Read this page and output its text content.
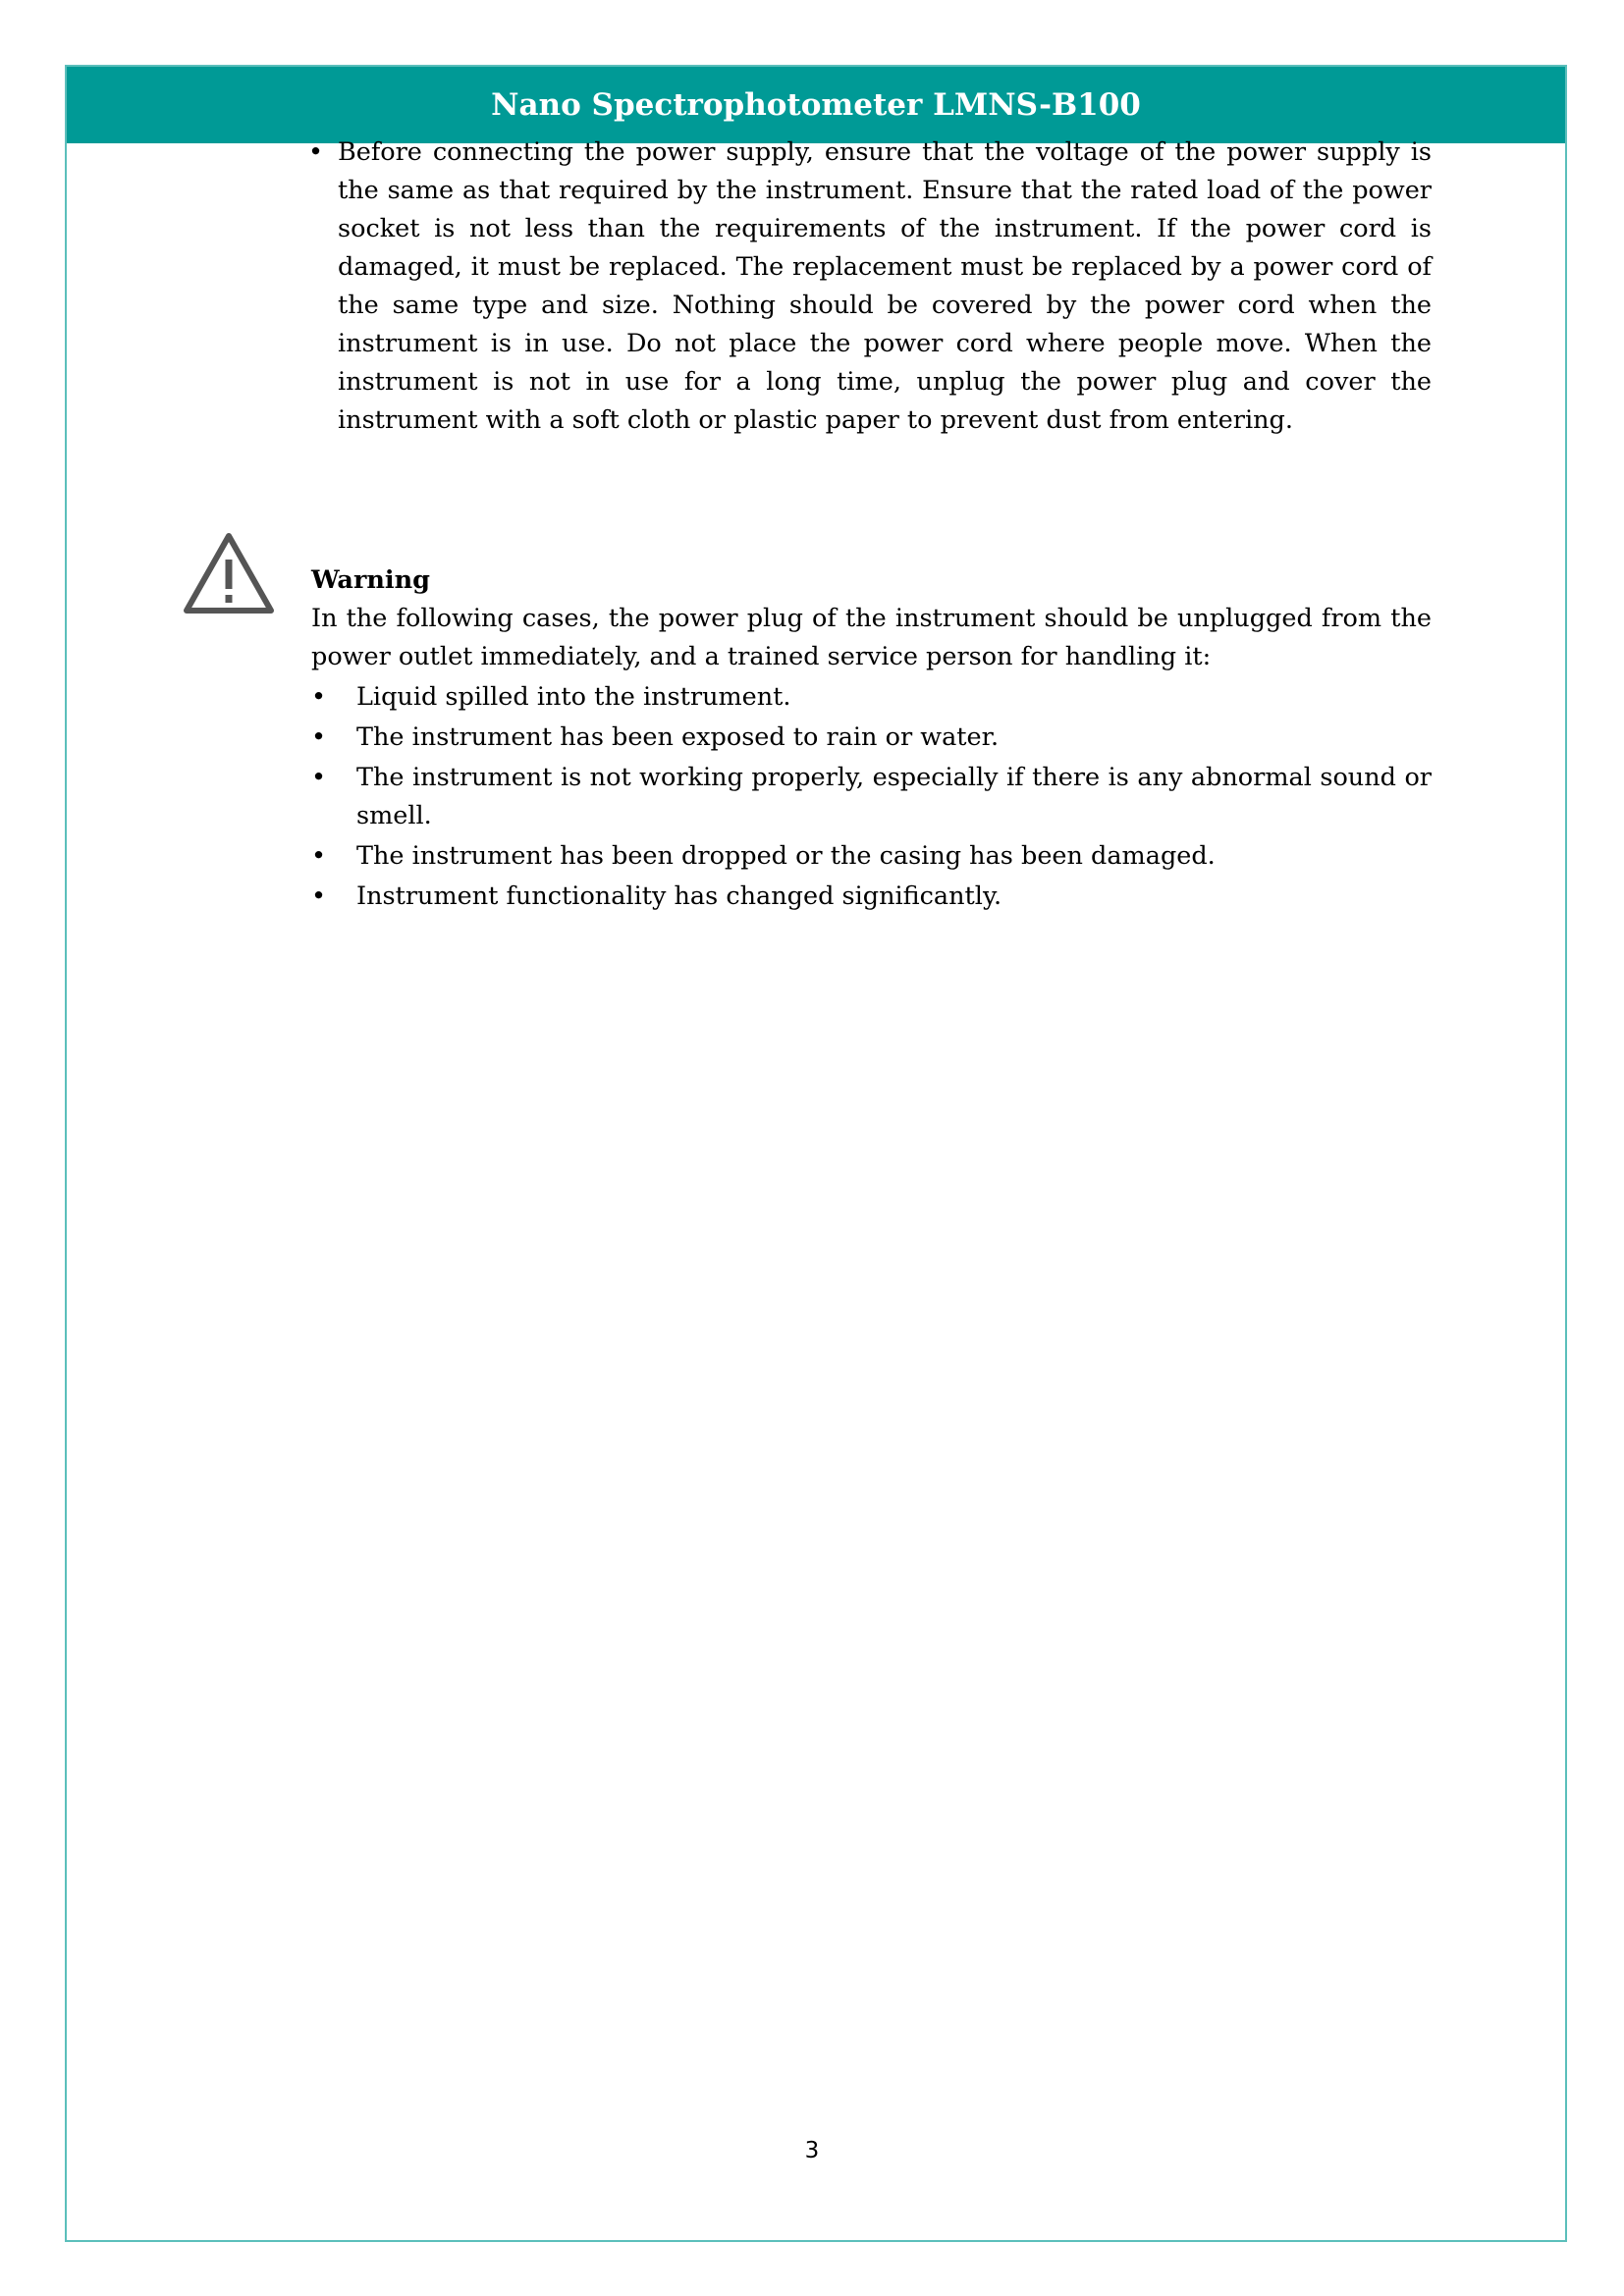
Nano Spectrophotometer LMNS-B100
• Before connecting the power supply, ensure that the voltage of the power supply is the same as that required by the instrument. Ensure that the rated load of the power socket is not less than the requirements of the instrument. If the power cord is damaged, it must be replaced. The replacement must be replaced by a power cord of the same type and size. Nothing should be covered by the power cord when the instrument is in use. Do not place the power cord where people move. When the instrument is not in use for a long time, unplug the power plug and cover the instrument with a soft cloth or plastic paper to prevent dust from entering.

Warning

In the following cases, the power plug of the instrument should be unplugged from the power outlet immediately, and a trained service person for handling it:

•	Liquid spilled into the instrument.
•	The instrument has been exposed to rain or water.
•	The instrument is not working properly, especially if there is any abnormal sound or smell.
•	The instrument has been dropped or the casing has been damaged.
•	Instrument functionality has changed significantly.
3
